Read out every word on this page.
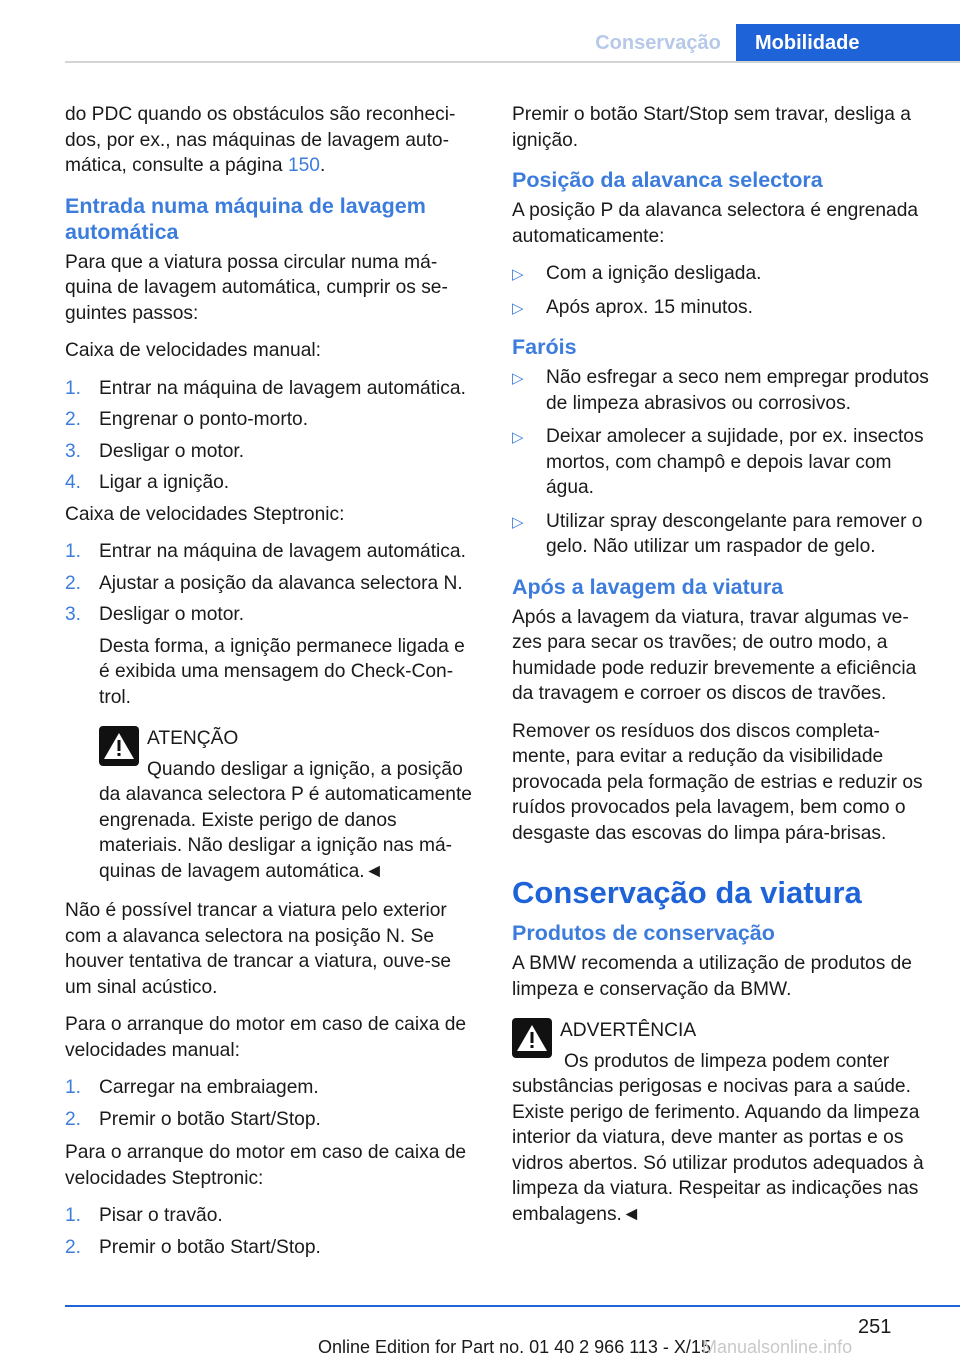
Conservação	Mobilidade

do PDC quando os obstáculos são reconhecidos, por ex., nas máquinas de lavagem automática, consulte a página 150.

Entrada numa máquina de lavagem automática

Para que a viatura possa circular numa máquina de lavagem automática, cumprir os seguintes passos:

Caixa de velocidades manual:

1. Entrar na máquina de lavagem automática.
2. Engrenar o ponto-morto.
3. Desligar o motor.
4. Ligar a ignição.

Caixa de velocidades Steptronic:

1. Entrar na máquina de lavagem automática.
2. Ajustar a posição da alavanca selectora N.
3. Desligar o motor.

Desta forma, a ignição permanece ligada e é exibida uma mensagem do Check-Control.

ATENÇÃO
Quando desligar a ignição, a posição da alavanca selectora P é automaticamente engrenada. Existe perigo de danos materiais. Não desligar a ignição nas máquinas de lavagem automática.◄

Não é possível trancar a viatura pelo exterior com a alavanca selectora na posição N. Se houver tentativa de trancar a viatura, ouve-se um sinal acústico.

Para o arranque do motor em caso de caixa de velocidades manual:

1. Carregar na embraiagem.
2. Premir o botão Start/Stop.

Para o arranque do motor em caso de caixa de velocidades Steptronic:

1. Pisar o travão.
2. Premir o botão Start/Stop.

Premir o botão Start/Stop sem travar, desliga a ignição.

Posição da alavanca selectora

A posição P da alavanca selectora é engrenada automaticamente:

▷ Com a ignição desligada.
▷ Após aprox. 15 minutos.
Faróis
▷ Não esfregar a seco nem empregar produtos de limpeza abrasivos ou corrosivos.
▷ Deixar amolecer a sujidade, por ex. insectos mortos, com champô e depois lavar com água.
▷ Utilizar spray descongelante para remover o gelo. Não utilizar um raspador de gelo.
Após a lavagem da viatura

Após a lavagem da viatura, travar algumas vezes para secar os travões; de outro modo, a humidade pode reduzir brevemente a eficiência da travagem e corroer os discos de travões.

Remover os resíduos dos discos completamente, para evitar a redução da visibilidade provocada pela formação de estrias e reduzir os ruídos provocados pela lavagem, bem como o desgaste das escovas do limpa pára-brisas.

Conservação da viatura
Produtos de conservação

A BMW recomenda a utilização de produtos de limpeza e conservação da BMW.

ADVERTÊNCIA
Os produtos de limpeza podem conter substâncias perigosas e nocivas para a saúde. Existe perigo de ferimento. Aquando da limpeza interior da viatura, deve manter as portas e os vidros abertos. Só utilizar produtos adequados à limpeza da viatura. Respeitar as indicações nas embalagens.◄
251
Online Edition for Part no. 01 40 2 966 113 - X/15
Manualsonline.info
